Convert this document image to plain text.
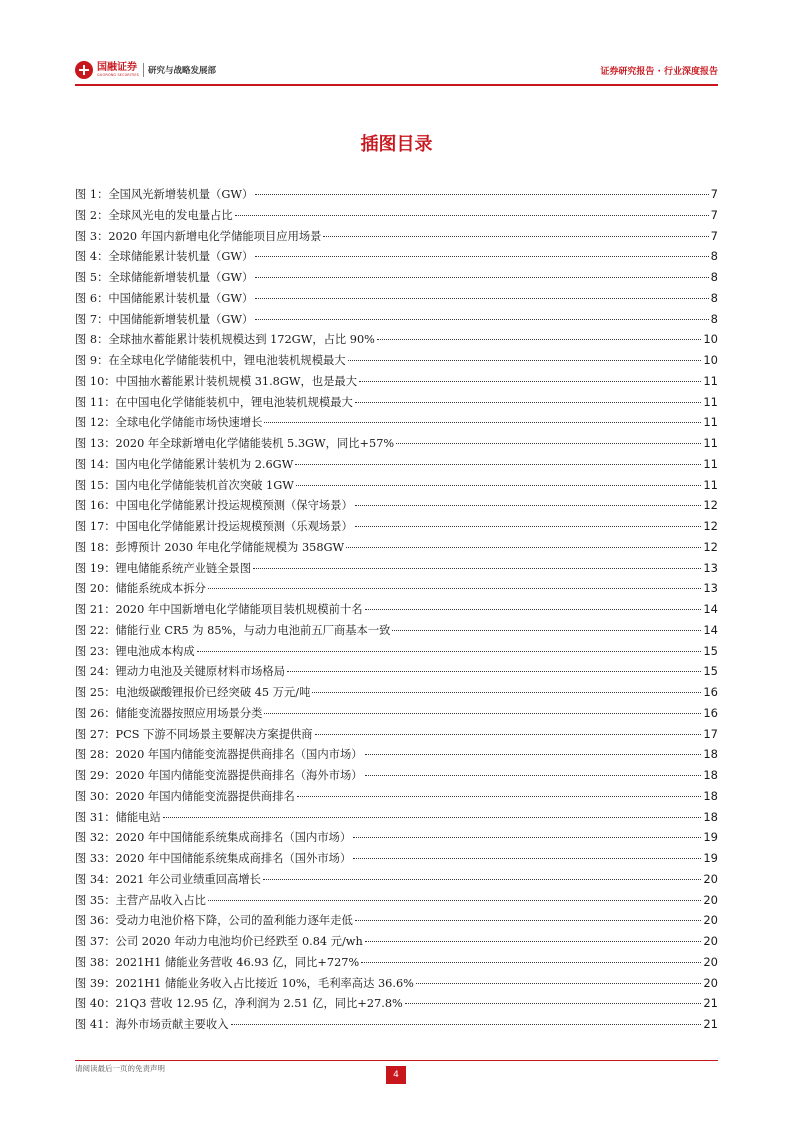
国融证券
GUORONG SECURITIES 研究与战略发展部	证券研究报告 · 行业深度报告
插图目录
图 1：全国风光新增装机量（GW）	7
图 2：全球风光电的发电量占比	7
图 3：2020 年国内新增电化学储能项目应用场景	7
图 4：全球储能累计装机量（GW）	8
图 5：全球储能新增装机量（GW）	8
图 6：中国储能累计装机量（GW）	8
图 7：中国储能新增装机量（GW）	8
图 8：全球抽水蓄能累计装机规模达到 172GW，占比 90%	10
图 9：在全球电化学储能装机中，锂电池装机规模最大	10
图 10：中国抽水蓄能累计装机规模 31.8GW，也是最大	11
图 11：在中国电化学储能装机中，锂电池装机规模最大	11
图 12：全球电化学储能市场快速增长	11
图 13：2020 年全球新增电化学储能装机 5.3GW，同比+57%	11
图 14：国内电化学储能累计装机为 2.6GW	11
图 15：国内电化学储能装机首次突破 1GW	11
图 16：中国电化学储能累计投运规模预测（保守场景）	12
图 17：中国电化学储能累计投运规模预测（乐观场景）	12
图 18：彭博预计 2030 年电化学储能规模为 358GW	12
图 19：锂电储能系统产业链全景图	13
图 20：储能系统成本拆分	13
图 21：2020 年中国新增电化学储能项目装机规模前十名	14
图 22：储能行业 CR5 为 85%，与动力电池前五厂商基本一致	14
图 23：锂电池成本构成	15
图 24：锂动力电池及关键原材料市场格局	15
图 25：电池级碳酸锂报价已经突破 45 万元/吨	16
图 26：储能变流器按照应用场景分类	16
图 27：PCS 下游不同场景主要解决方案提供商	17
图 28：2020 年国内储能变流器提供商排名（国内市场）	18
图 29：2020 年国内储能变流器提供商排名（海外市场）	18
图 30：2020 年国内储能变流器提供商排名	18
图 31：储能电站	18
图 32：2020 年中国储能系统集成商排名（国内市场）	19
图 33：2020 年中国储能系统集成商排名（国外市场）	19
图 34：2021 年公司业绩重回高增长	20
图 35：主营产品收入占比	20
图 36：受动力电池价格下降，公司的盈利能力逐年走低	20
图 37：公司 2020 年动力电池均价已经跌至 0.84 元/wh	20
图 38：2021H1 储能业务营收 46.93 亿，同比+727%	20
图 39：2021H1 储能业务收入占比接近 10%，毛利率高达 36.6%	20
图 40：21Q3 营收 12.95 亿，净利润为 2.51 亿，同比+27.8%	21
图 41：海外市场贡献主要收入	21
请阅读最后一页的免责声明
4
